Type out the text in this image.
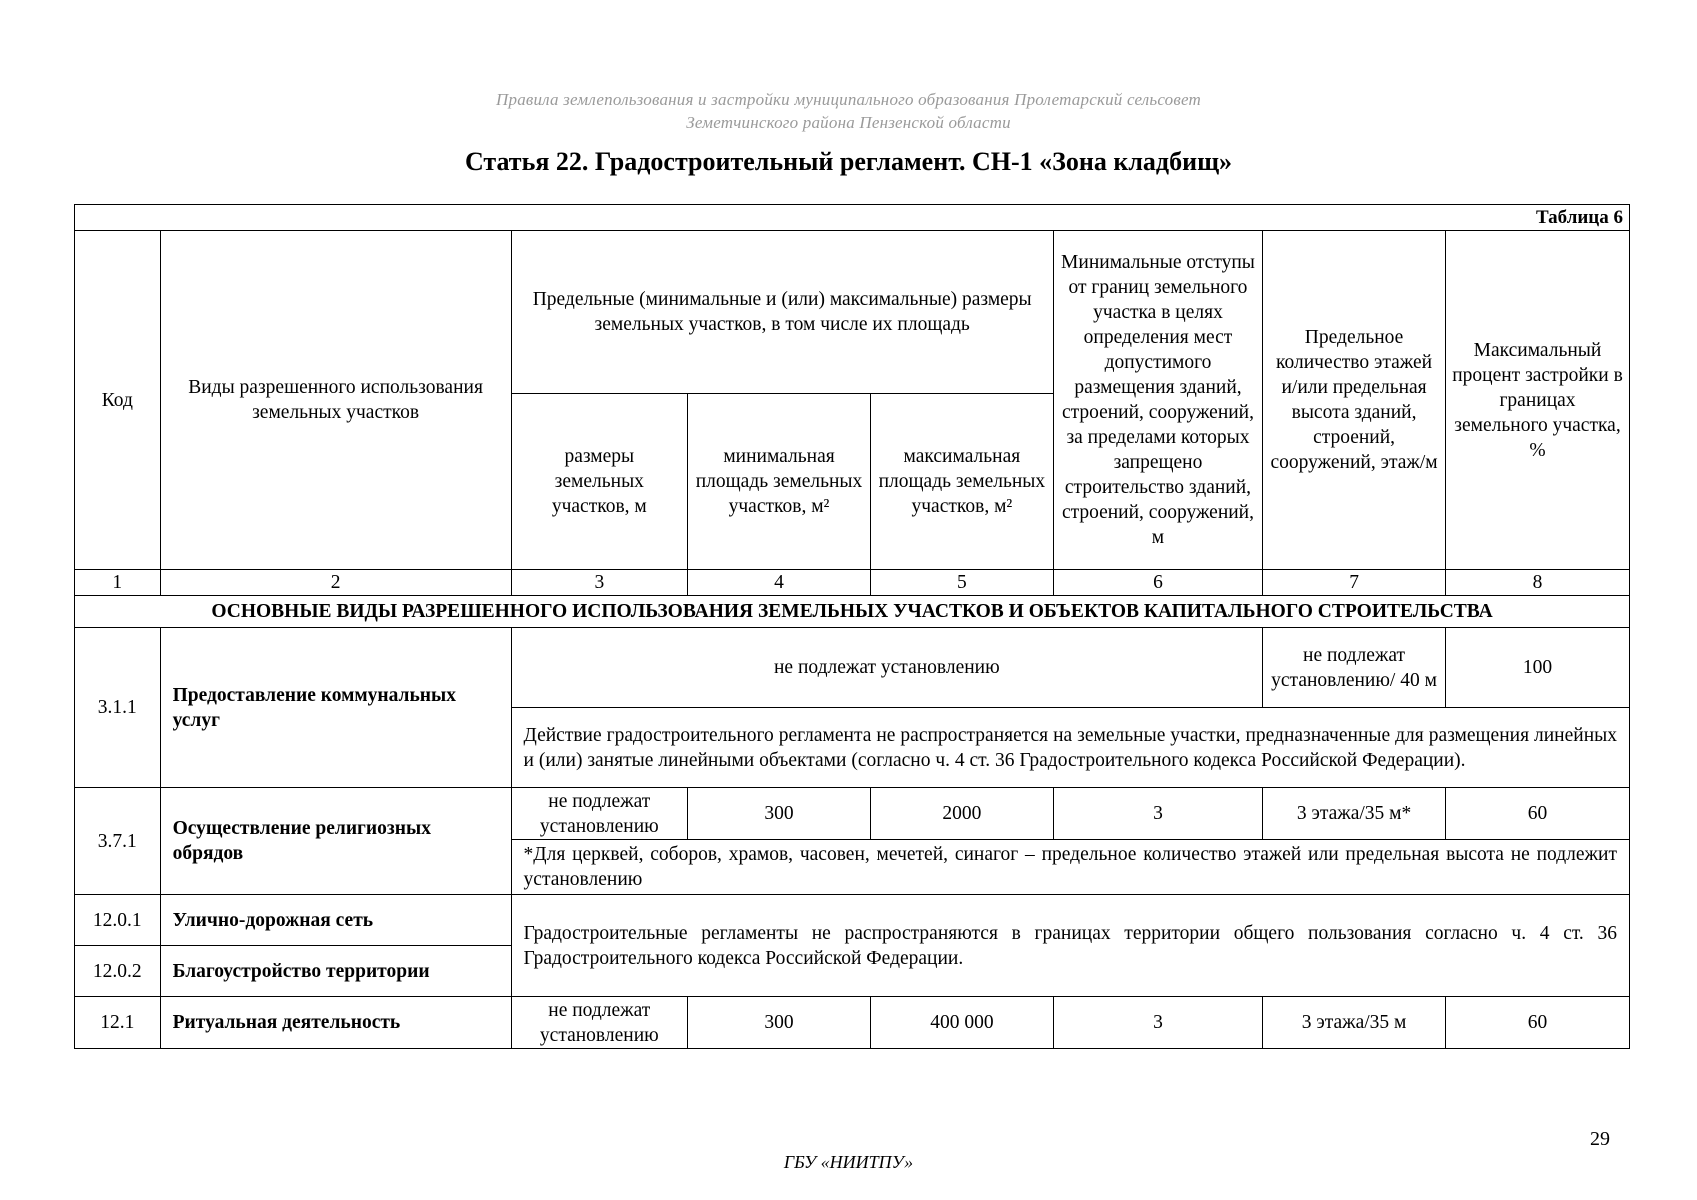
Правила землепользования и застройки муниципального образования Пролетарский сельсовет
Земетчинского района Пензенской области
Статья 22. Градостроительный регламент. СН-1 «Зона кладбищ»
Таблица 6							
Код	Виды разрешенного использования земельных участков	Предельные (минимальные и (или) максимальные) размеры земельных участков, в том числе их площадь			Минимальные отступы от границ земельного участка в целях определения мест допустимого размещения зданий, строений, сооружений, за пределами которых запрещено строительство зданий, строений, сооружений, м	Предельное количество этажей и/или предельная высота зданий, строений, сооружений, этаж/м	Максимальный процент застройки в границах земельного участка, %
		размеры земельных участков, м	минимальная площадь земельных участков, м²	максимальная площадь земельных участков, м²			
1	2	3	4	5	6	7	8
ОСНОВНЫЕ ВИДЫ РАЗРЕШЕННОГО ИСПОЛЬЗОВАНИЯ ЗЕМЕЛЬНЫХ УЧАСТКОВ И ОБЪЕКТОВ КАПИТАЛЬНОГО СТРОИТЕЛЬСТВА							
3.1.1	Предоставление коммунальных услуг	не подлежат установлению				не подлежат установлению/ 40 м	100
		Действие градостроительного регламента не распространяется на земельные участки, предназначенные для размещения линейных и (или) занятые линейными объектами (согласно ч. 4 ст. 36 Градостроительного кодекса Российской Федерации).					
3.7.1	Осуществление религиозных обрядов	не подлежат установлению	300	2000	3	3 этажа/35 м*	60
		*Для церквей, соборов, храмов, часовен, мечетей, синагог – предельное количество этажей или предельная высота не подлежит установлению					
12.0.1	Улично-дорожная сеть	Градостроительные регламенты не распространяются в границах территории общего пользования согласно ч. 4 ст. 36 Градостроительного кодекса Российской Федерации.					
12.0.2	Благоустройство территории						
12.1	Ритуальная деятельность	не подлежат установлению	300	400 000	3	3 этажа/35 м	60
29
ГБУ «НИИТПУ»
